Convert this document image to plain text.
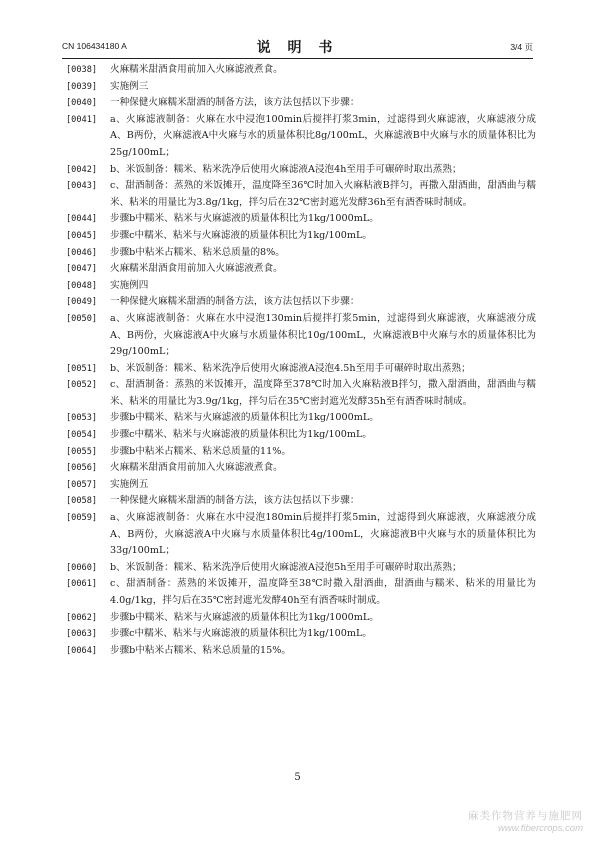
CN 106434180 A	说 明 书	3/4 页
[0038]	火麻糯米甜酒食用前加入火麻滤液煮食。
[0039]	实施例三
[0040]	一种保健火麻糯米甜酒的制备方法，该方法包括以下步骤：
[0041]	a、火麻滤液制备：火麻在水中浸泡100min后搅拌打浆3min，过滤得到火麻滤液，火麻滤液分成A、B两份，火麻滤液A中火麻与水的质量体积比8g/100mL，火麻滤液B中火麻与水的质量体积比为25g/100mL；
[0042]	b、米饭制备：糯米、粘米洗净后使用火麻滤液A浸泡4h至用手可碾碎时取出蒸熟；
[0043]	c、甜酒制备：蒸熟的米饭摊开，温度降至36℃时加入火麻粘液B拌匀，再撒入甜酒曲，甜酒曲与糯米、粘米的用量比为3.8g/1kg，拌匀后在32℃密封遮光发酵36h至有酒香味时制成。
[0044]	步骤b中糯米、粘米与火麻滤液的质量体积比为1kg/1000mL。
[0045]	步骤c中糯米、粘米与火麻滤液的质量体积比为1kg/100mL。
[0046]	步骤b中粘米占糯米、粘米总质量的8%。
[0047]	火麻糯米甜酒食用前加入火麻滤液煮食。
[0048]	实施例四
[0049]	一种保健火麻糯米甜酒的制备方法，该方法包括以下步骤：
[0050]	a、火麻滤液制备：火麻在水中浸泡130min后搅拌打浆5min，过滤得到火麻滤液，火麻滤液分成A、B两份，火麻滤液A中火麻与水质量体积比10g/100mL，火麻滤液B中火麻与水的质量体积比为29g/100mL；
[0051]	b、米饭制备：糯米、粘米洗净后使用火麻滤液A浸泡4.5h至用手可碾碎时取出蒸熟；
[0052]	c、甜酒制备：蒸熟的米饭摊开，温度降至378℃时加入火麻粘液B拌匀，撒入甜酒曲，甜酒曲与糯米、粘米的用量比为3.9g/1kg，拌匀后在35℃密封遮光发酵35h至有酒香味时制成。
[0053]	步骤b中糯米、粘米与火麻滤液的质量体积比为1kg/1000mL。
[0054]	步骤c中糯米、粘米与火麻滤液的质量体积比为1kg/100mL。
[0055]	步骤b中粘米占糯米、粘米总质量的11%。
[0056]	火麻糯米甜酒食用前加入火麻滤液煮食。
[0057]	实施例五
[0058]	一种保健火麻糯米甜酒的制备方法，该方法包括以下步骤：
[0059]	a、火麻滤液制备：火麻在水中浸泡180min后搅拌打浆5min，过滤得到火麻滤液，火麻滤液分成A、B两份，火麻滤液A中火麻与水质量体积比4g/100mL，火麻滤液B中火麻与水的质量体积比为33g/100mL；
[0060]	b、米饭制备：糯米、粘米洗净后使用火麻滤液A浸泡5h至用手可碾碎时取出蒸熟；
[0061]	c、甜酒制备：蒸熟的米饭摊开，温度降至38℃时撒入甜酒曲，甜酒曲与糯米、粘米的用量比为4.0g/1kg，拌匀后在35℃密封遮光发酵40h至有酒香味时制成。
[0062]	步骤b中糯米、粘米与火麻滤液的质量体积比为1kg/1000mL。
[0063]	步骤c中糯米、粘米与火麻滤液的质量体积比为1kg/100mL。
[0064]	步骤b中粘米占糯米、粘米总质量的15%。
5
麻类作物营养与施肥网
www.fibercrops.com
